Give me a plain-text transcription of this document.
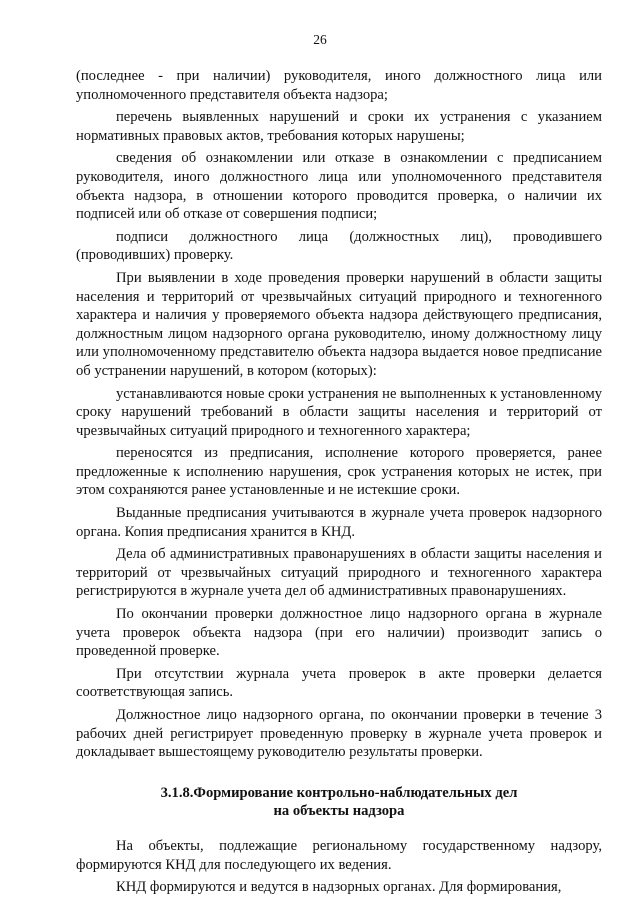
26

(последнее - при наличии) руководителя, иного должностного лица или уполномоченного представителя объекта надзора;

перечень выявленных нарушений и сроки их устранения с указанием нормативных правовых актов, требования которых нарушены;

сведения об ознакомлении или отказе в ознакомлении с предписанием руководителя, иного должностного лица или уполномоченного представителя объекта надзора, в отношении которого проводится проверка, о наличии их подписей или об отказе от совершения подписи;

подписи должностного лица (должностных лиц), проводившего (проводивших) проверку.

При выявлении в ходе проведения проверки нарушений в области защиты населения и территорий от чрезвычайных ситуаций природного и техногенного характера и наличия у проверяемого объекта надзора действующего предписания, должностным лицом надзорного органа руководителю, иному должностному лицу или уполномоченному представителю объекта надзора выдается новое предписание об устранении нарушений, в котором (которых):

устанавливаются новые сроки устранения не выполненных к установленному сроку нарушений требований в области защиты населения и территорий от чрезвычайных ситуаций природного и техногенного характера;

переносятся из предписания, исполнение которого проверяется, ранее предложенные к исполнению нарушения, срок устранения которых не истек, при этом сохраняются ранее установленные и не истекшие сроки.

Выданные предписания учитываются в журнале учета проверок надзорного органа. Копия предписания хранится в КНД.

Дела об административных правонарушениях в области защиты населения и территорий от чрезвычайных ситуаций природного и техногенного характера регистрируются в журнале учета дел об административных правонарушениях.

По окончании проверки должностное лицо надзорного органа в журнале учета проверок объекта надзора (при его наличии) производит запись о проведенной проверке.

При отсутствии журнала учета проверок в акте проверки делается соответствующая запись.

Должностное лицо надзорного органа, по окончании проверки в течение 3 рабочих дней регистрирует проведенную проверку в журнале учета проверок и докладывает вышестоящему руководителю результаты проверки.

3.1.8.Формирование контрольно-наблюдательных дел
на объекты надзора

На объекты, подлежащие региональному государственному надзору, формируются КНД для последующего их ведения.

КНД формируются и ведутся в надзорных органах. Для формирования,
